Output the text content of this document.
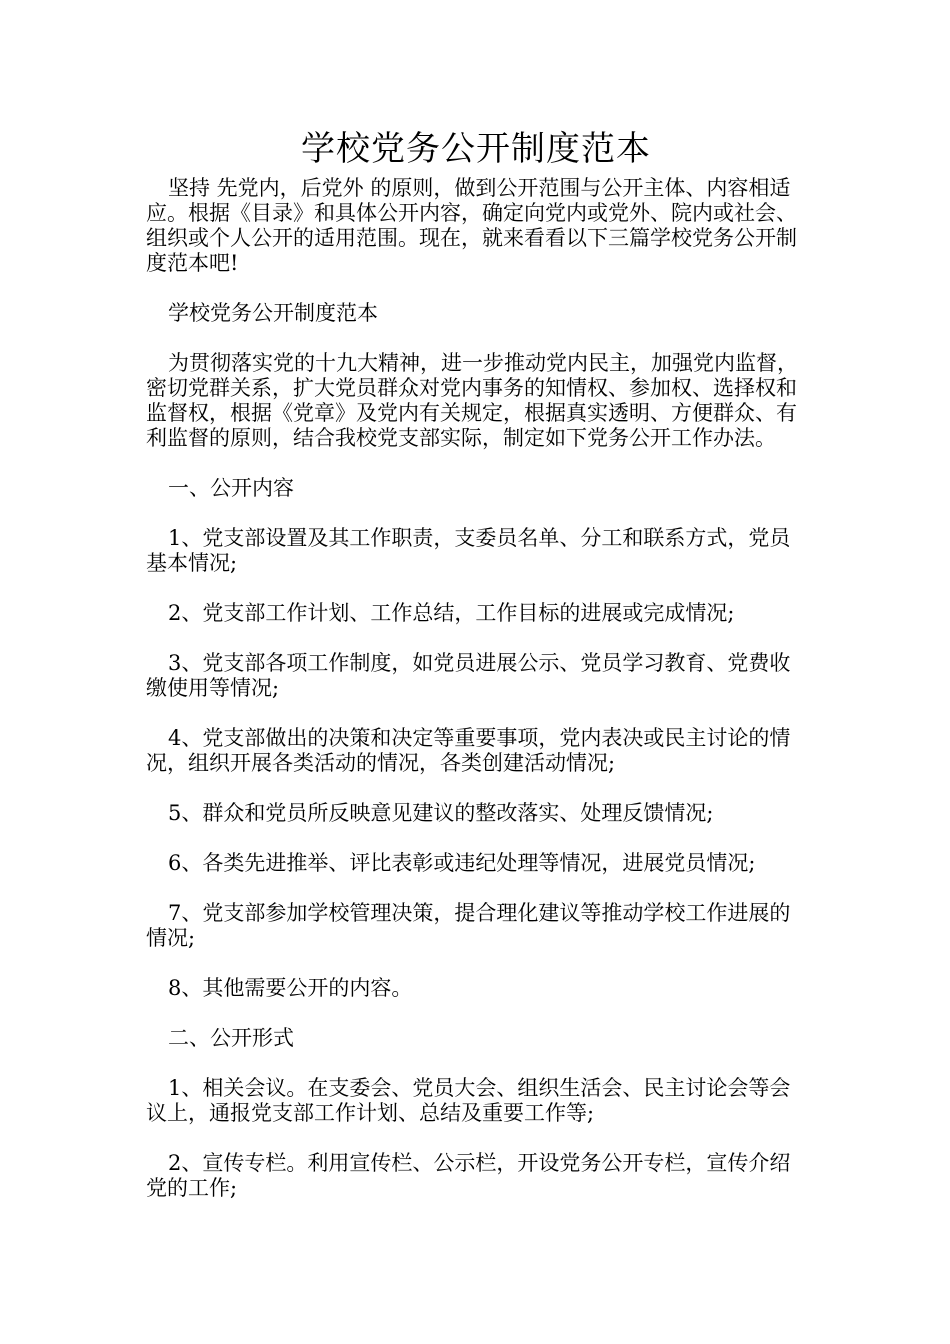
学校党务公开制度范本

坚持 先党内，后党外 的原则，做到公开范围与公开主体、内容相适应。根据《目录》和具体公开内容，确定向党内或党外、院内或社会、组织或个人公开的适用范围。现在，就来看看以下三篇学校党务公开制度范本吧!

学校党务公开制度范本

为贯彻落实党的十九大精神，进一步推动党内民主，加强党内监督，密切党群关系，扩大党员群众对党内事务的知情权、参加权、选择权和监督权，根据《党章》及党内有关规定，根据真实透明、方便群众、有利监督的原则，结合我校党支部实际，制定如下党务公开工作办法。

一、公开内容

1、党支部设置及其工作职责，支委员名单、分工和联系方式，党员基本情况;

2、党支部工作计划、工作总结，工作目标的进展或完成情况;

3、党支部各项工作制度，如党员进展公示、党员学习教育、党费收缴使用等情况;

4、党支部做出的决策和决定等重要事项，党内表决或民主讨论的情况，组织开展各类活动的情况，各类创建活动情况;

5、群众和党员所反映意见建议的整改落实、处理反馈情况;

6、各类先进推举、评比表彰或违纪处理等情况，进展党员情况;

7、党支部参加学校管理决策，提合理化建议等推动学校工作进展的情况;

8、其他需要公开的内容。

二、公开形式

1、相关会议。在支委会、党员大会、组织生活会、民主讨论会等会议上，通报党支部工作计划、总结及重要工作等;

2、宣传专栏。利用宣传栏、公示栏，开设党务公开专栏，宣传介绍党的工作;
